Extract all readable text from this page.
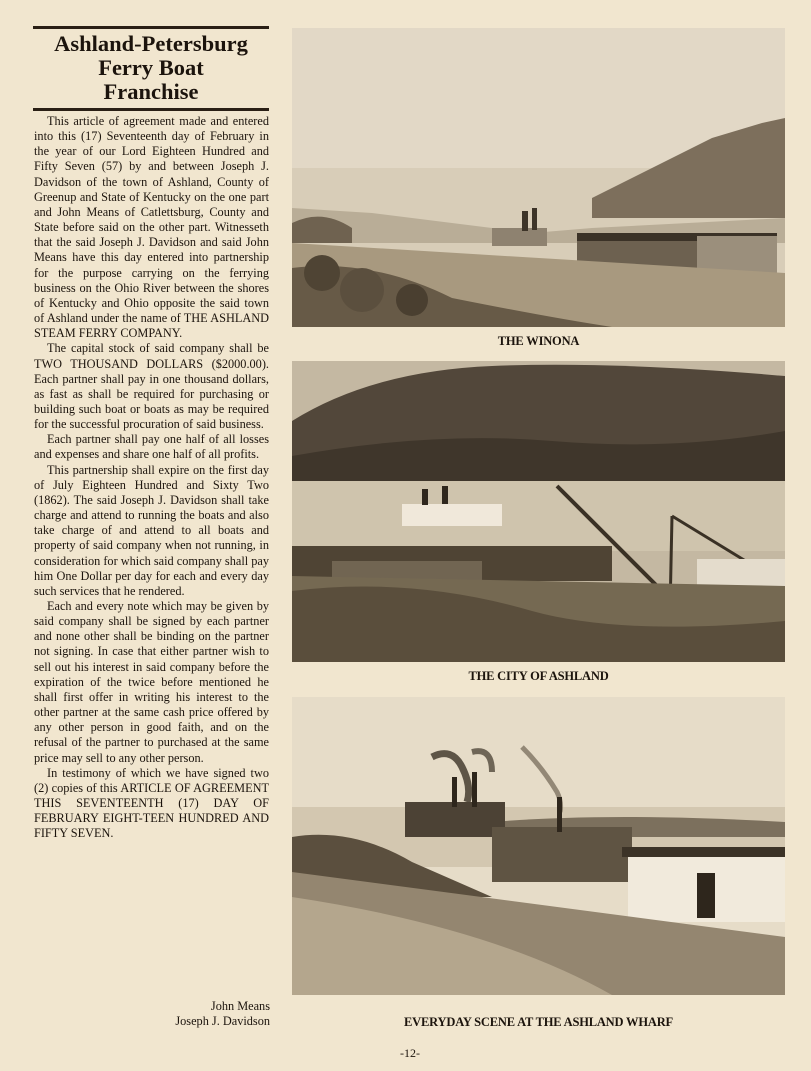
Ashland-Petersburg
Ferry Boat
Franchise

This article of agreement made and entered into this (17) Seventeenth day of February in the year of our Lord Eighteen Hundred and Fifty Seven (57) by and between Joseph J. Davidson of the town of Ashland, County of Greenup and State of Kentucky on the one part and John Means of Catlettsburg, County and State before said on the other part. Witnesseth that the said Joseph J. Davidson and said John Means have this day entered into partnership for the purpose carrying on the ferrying business on the Ohio River between the shores of Kentucky and Ohio opposite the said town of Ashland under the name of THE ASHLAND STEAM FERRY COMPANY.

The capital stock of said company shall be TWO THOUSAND DOLLARS ($2000.00). Each partner shall pay in one thousand dollars, as fast as shall be required for purchasing or building such boat or boats as may be required for the successful procuration of said business.

Each partner shall pay one half of all losses and expenses and share one half of all profits.

This partnership shall expire on the first day of July Eighteen Hundred and Sixty Two (1862). The said Joseph J. Davidson shall take charge and attend to running the boats and also take charge of and attend to all boats and property of said company when not running, in consideration for which said company shall pay him One Dollar per day for each and every day such services that he rendered.

Each and every note which may be given by said company shall be signed by each partner and none other shall be binding on the partner not signing. In case that either partner wish to sell out his interest in said company before the expiration of the twice before mentioned he shall first offer in writing his interest to the other partner at the same cash price offered by any other person in good faith, and on the refusal of the partner to purchased at the same price may sell to any other person.

In testimony of which we have signed two (2) copies of this ARTICLE OF AGREEMENT THIS SEVENTEENTH (17) DAY OF FEBRUARY EIGHT-TEEN HUNDRED AND FIFTY SEVEN.

John Means
Joseph J. Davidson
THE WINONA
THE CITY OF ASHLAND
EVERYDAY SCENE AT THE ASHLAND WHARF
-12-
